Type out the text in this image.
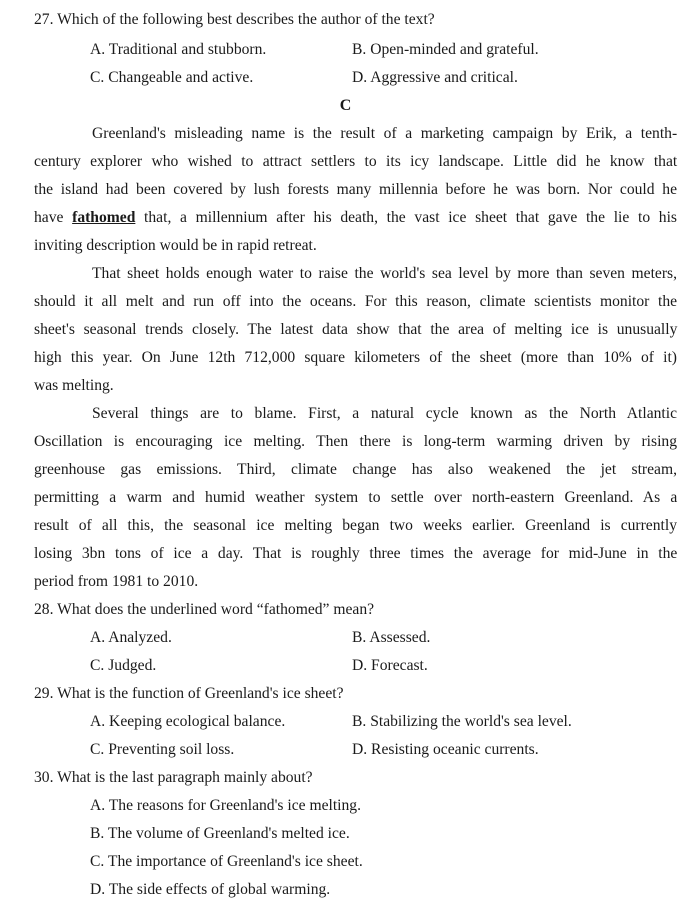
27. Which of the following best describes the author of the text?
A. Traditional and stubborn.	B. Open-minded and grateful.
C. Changeable and active.	D. Aggressive and critical.
C
Greenland's misleading name is the result of a marketing campaign by Erik, a tenth-
century explorer who wished to attract settlers to its icy landscape. Little did he know that
the island had been covered by lush forests many millennia before he was born. Nor could he
have fathomed that, a millennium after his death, the vast ice sheet that gave the lie to his
inviting description would be in rapid retreat.
That sheet holds enough water to raise the world's sea level by more than seven meters,
should it all melt and run off into the oceans. For this reason, climate scientists monitor the
sheet's seasonal trends closely. The latest data show that the area of melting ice is unusually
high this year. On June 12th 712,000 square kilometers of the sheet (more than 10% of it)
was melting.
Several things are to blame. First, a natural cycle known as the North Atlantic
Oscillation is encouraging ice melting. Then there is long-term warming driven by rising
greenhouse gas emissions. Third, climate change has also weakened the jet stream,
permitting a warm and humid weather system to settle over north-eastern Greenland. As a
result of all this, the seasonal ice melting began two weeks earlier. Greenland is currently
losing 3bn tons of ice a day. That is roughly three times the average for mid-June in the
period from 1981 to 2010.
28. What does the underlined word “fathomed” mean?
A. Analyzed.	B. Assessed.
C. Judged.	D. Forecast.
29. What is the function of Greenland's ice sheet?
A. Keeping ecological balance.	B. Stabilizing the world's sea level.
C. Preventing soil loss.	D. Resisting oceanic currents.
30. What is the last paragraph mainly about?
A. The reasons for Greenland's ice melting.
B. The volume of Greenland's melted ice.
C. The importance of Greenland's ice sheet.
D. The side effects of global warming.
